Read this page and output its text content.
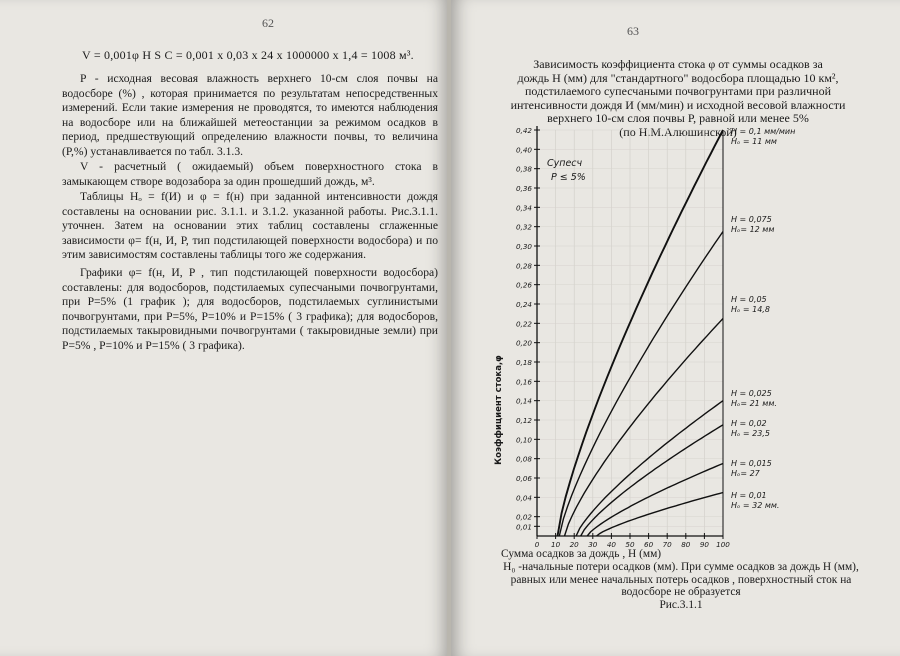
62
V = 0,001φ H S C = 0,001 x 0,03 x 24 x 1000000 x 1,4 = 1008 м³.
P - исходная весовая влажность верхнего 10-см слоя почвы на водосборе (%) , которая принимается по результатам непосредственных измерений. Если такие измерения не проводятся, то имеются наблюдения на водосборе или на ближайшей метеостанции за режимом осадков в период, предшествующий определению влажности почвы, то величина (P,%) устанавливается по табл. 3.1.3.
V - расчетный ( ожидаемый) объем поверхностного стока в замыкающем створе водозабора за один прошедший дождь, м³.
Таблицы Hₒ = f(И) и φ = f(н) при заданной интенсивности дождя составлены на основании рис. 3.1.1. и 3.1.2. указанной работы. Рис.3.1.1. уточнен. Затем на основании этих таблиц составлены сглаженные зависимости φ= f(н, И, P, тип подстилающей поверхности водосбора) и по этим зависимостям составлены таблицы того же содержания.
Графики φ= f(н, И, P , тип подстилающей поверхности водосбора) составлены: для водосборов, подстилаемых супесчаными почвогрунтами, при P=5% (1 график ); для водосборов, подстилаемых суглинистыми почвогрунтами, при P=5%, P=10% и P=15% ( 3 графика); для водосборов, подстилаемых такыровидными почвогрунтами ( такыровидные земли) при P=5% , P=10% и P=15% ( 3 графика).
63
Зависимость коэффициента стока φ от суммы осадков за
дождь H (мм) для "стандартного" водосбора площадью 10 км²,
подстилаемого супесчаными почвогрунтами при различной
интенсивности дождя И (мм/мин) и исходной весовой влажности
верхнего 10-см слоя почвы P, равной или менее 5%
(по Н.М.Алюшинской)
0,42
0,40
0,38
0,36
0,34
0,32
0,30
0,28
0,26
0,24
0,22
0,20
0,18
0,16
0,14
0,12
0,10
0,08
0,06
0,04
0,02
0,01
0 10 20 30 40 50 60 70 80 90 100
Коэффициент стока,φ
Супесч
P ≤ 5%
H = 0,1 мм/мин
Hₒ = 11 мм
H = 0,075
Hₒ= 12 мм
H = 0,05
Hₒ = 14,8
H = 0,025
Hₒ= 21 мм.
H = 0,02
Hₒ = 23,5
H = 0,015
Hₒ= 27
H = 0,01
Hₒ = 32 мм.
Сумма осадков за дождь , H (мм)

H₀ -начальные потери осадков (мм). При сумме осадков за дождь H (мм), равных или менее начальных потерь осадков , поверхностный сток на водосборе не образуется
Рис.3.1.1
